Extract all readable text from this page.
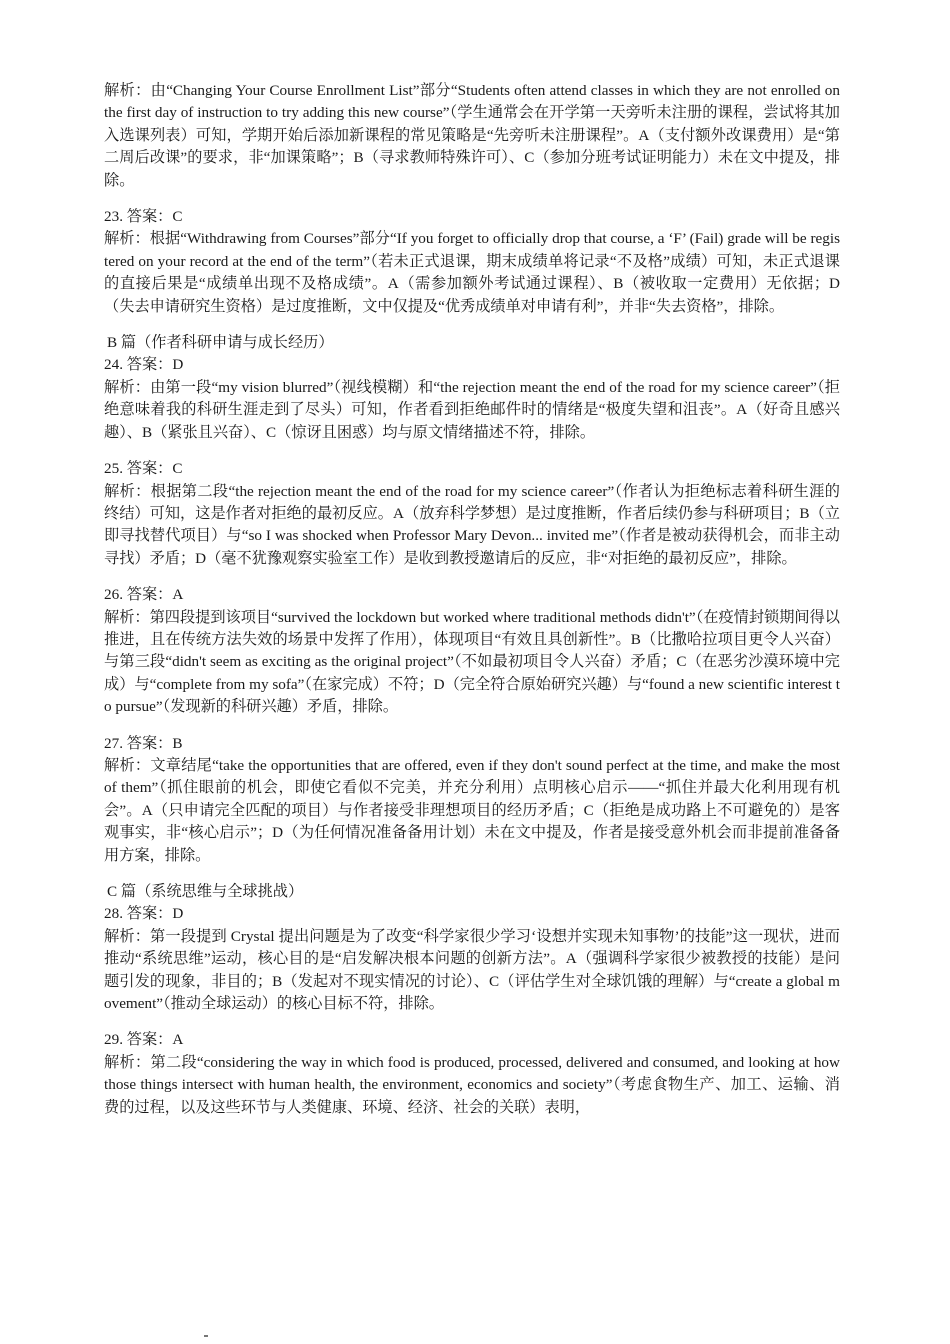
解析：由“Changing Your Course Enrollment List”部分“Students often attend classes in which they are not enrolled on the first day of instruction to try adding this new course”（学生通常会在开学第一天旁听未注册的课程，尝试将其加入选课列表）可知，学期开始后添加新课程的常见策略是“先旁听未注册课程”。A（支付额外改课费用）是“第二周后改课”的要求，非“加课策略”；B（寻求教师特殊许可）、C（参加分班考试证明能力）未在文中提及，排除。

23. 答案：C

解析：根据“Withdrawing from Courses”部分“If you forget to officially drop that course, a ‘F’ (Fail) grade will be registered on your record at the end of the term”（若未正式退课，期末成绩单将记录“不及格”成绩）可知，未正式退课的直接后果是“成绩单出现不及格成绩”。A（需参加额外考试通过课程）、B（被收取一定费用）无依据；D（失去申请研究生资格）是过度推断，文中仅提及“优秀成绩单对申请有利”，并非“失去资格”，排除。

B 篇（作者科研申请与成长经历）

24. 答案：D

解析：由第一段“my vision blurred”（视线模糊）和“the rejection meant the end of the road for my science career”（拒绝意味着我的科研生涯走到了尽头）可知，作者看到拒绝邮件时的情绪是“极度失望和沮丧”。A（好奇且感兴趣）、B（紧张且兴奋）、C（惊讶且困惑）均与原文情绪描述不符，排除。

25. 答案：C

解析：根据第二段“the rejection meant the end of the road for my science career”（作者认为拒绝标志着科研生涯的终结）可知，这是作者对拒绝的最初反应。A（放弃科学梦想）是过度推断，作者后续仍参与科研项目；B（立即寻找替代项目）与“so I was shocked when Professor Mary Devon... invited me”（作者是被动获得机会，而非主动寻找）矛盾；D（毫不犹豫观察实验室工作）是收到教授邀请后的反应，非“对拒绝的最初反应”，排除。

26. 答案：A

解析：第四段提到该项目“survived the lockdown but worked where traditional methods didn't”（在疫情封锁期间得以推进，且在传统方法失效的场景中发挥了作用），体现项目“有效且具创新性”。B（比撒哈拉项目更令人兴奋）与第三段“didn't seem as exciting as the original project”（不如最初项目令人兴奋）矛盾；C（在恶劣沙漠环境中完成）与“complete from my sofa”（在家完成）不符；D（完全符合原始研究兴趣）与“found a new scientific interest to pursue”（发现新的科研兴趣）矛盾，排除。

27. 答案：B

解析：文章结尾“take the opportunities that are offered, even if they don't sound perfect at the time, and make the most of them”（抓住眼前的机会，即使它看似不完美，并充分利用）点明核心启示——“抓住并最大化利用现有机会”。A（只申请完全匹配的项目）与作者接受非理想项目的经历矛盾；C（拒绝是成功路上不可避免的）是客观事实，非“核心启示”；D（为任何情况准备备用计划）未在文中提及，作者是接受意外机会而非提前准备备用方案，排除。

C 篇（系统思维与全球挑战）

28. 答案：D

解析：第一段提到 Crystal 提出问题是为了改变“科学家很少学习‘设想并实现未知事物’的技能”这一现状，进而推动“系统思维”运动，核心目的是“启发解决根本问题的创新方法”。A（强调科学家很少被教授的技能）是问题引发的现象，非目的；B（发起对不现实情况的讨论）、C（评估学生对全球饥饿的理解）与“create a global movement”（推动全球运动）的核心目标不符，排除。

29. 答案：A

解析：第二段“considering the way in which food is produced, processed, delivered and consumed, and looking at how those things intersect with human health, the environment, economics and society”（考虑食物生产、加工、运输、消费的过程，以及这些环节与人类健康、环境、经济、社会的关联）表明，
